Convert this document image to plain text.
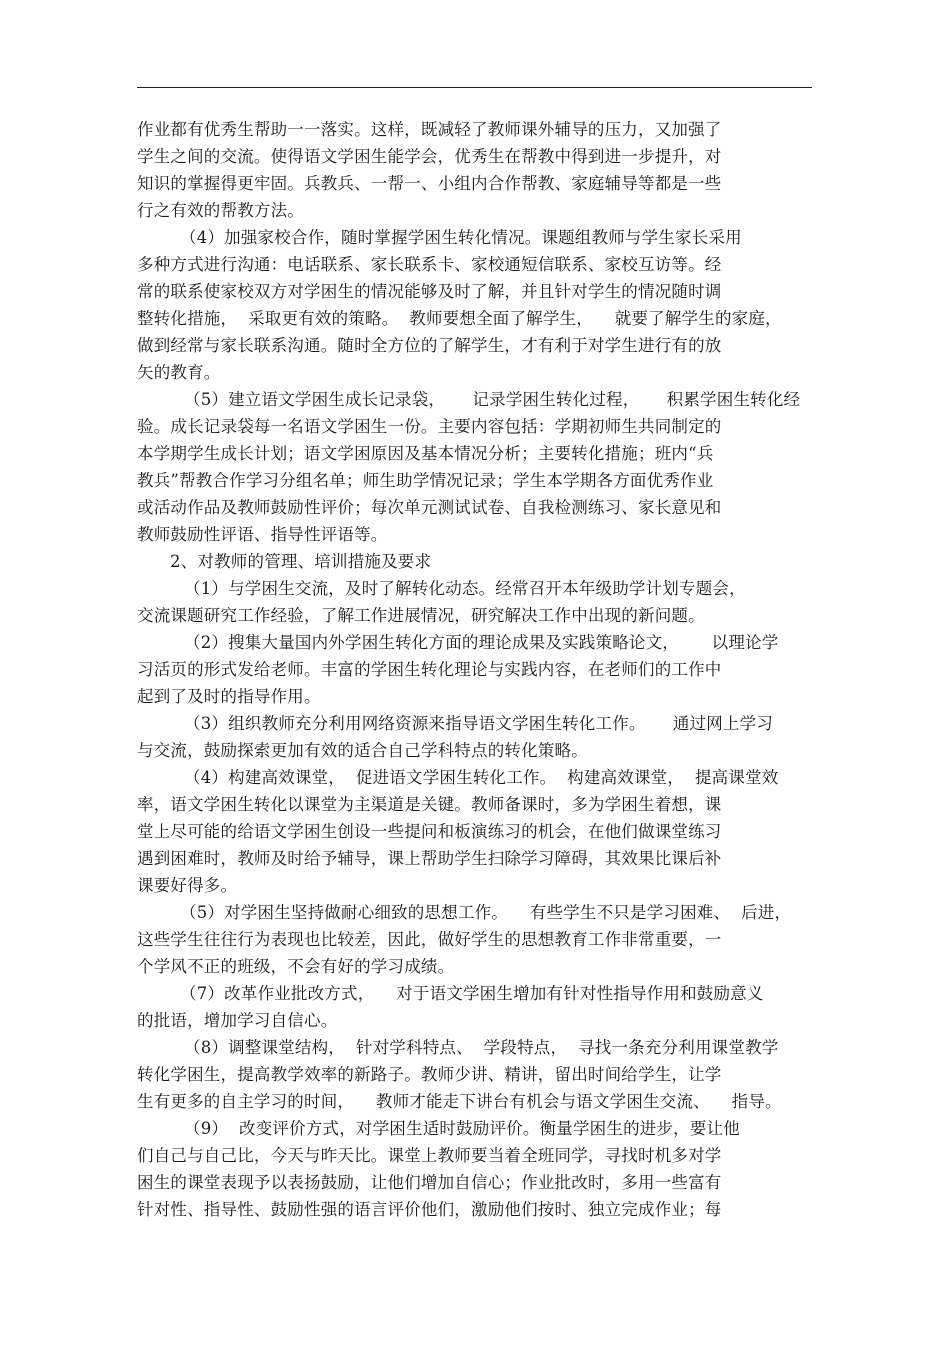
作业都有优秀生帮助一一落实。这样，既减轻了教师课外辅导的压力，又加强了
学生之间的交流。使得语文学困生能学会，优秀生在帮教中得到进一步提升，对
知识的掌握得更牢固。兵教兵、一帮一、小组内合作帮教、家庭辅导等都是一些
行之有效的帮教方法。
（4）加强家校合作，随时掌握学困生转化情况。课题组教师与学生家长采用
多种方式进行沟通：电话联系、家长联系卡、家校通短信联系、家校互访等。经
常的联系使家校双方对学困生的情况能够及时了解，并且针对学生的情况随时调
整转化措施，  采取更有效的策略。  教师要想全面了解学生，    就要了解学生的家庭，
做到经常与家长联系沟通。随时全方位的了解学生，才有利于对学生进行有的放
矢的教育。
（5）建立语文学困生成长记录袋，     记录学困生转化过程，     积累学困生转化经
验。成长记录袋每一名语文学困生一份。主要内容包括：学期初师生共同制定的
本学期学生成长计划；语文学困原因及基本情况分析；主要转化措施；班内“兵
教兵”帮教合作学习分组名单；师生助学情况记录；学生本学期各方面优秀作业
或活动作品及教师鼓励性评价；每次单元测试试卷、自我检测练习、家长意见和
教师鼓励性评语、指导性评语等。
2、对教师的管理、培训措施及要求
（1）与学困生交流，及时了解转化动态。经常召开本年级助学计划专题会，
交流课题研究工作经验，了解工作进展情况，研究解决工作中出现的新问题。
（2）搜集大量国内外学困生转化方面的理论成果及实践策略论文，      以理论学
习活页的形式发给老师。丰富的学困生转化理论与实践内容，在老师们的工作中
起到了及时的指导作用。
（3）组织教师充分利用网络资源来指导语文学困生转化工作。     通过网上学习
与交流，鼓励探索更加有效的适合自己学科特点的转化策略。
（4）构建高效课堂，  促进语文学困生转化工作。  构建高效课堂，  提高课堂效
率，语文学困生转化以课堂为主渠道是关键。教师备课时，多为学困生着想，课
堂上尽可能的给语文学困生创设一些提问和板演练习的机会，在他们做课堂练习
遇到困难时，教师及时给予辅导，课上帮助学生扫除学习障碍，其效果比课后补
课要好得多。
（5）对学困生坚持做耐心细致的思想工作。    有些学生不只是学习困难、  后进，
这些学生往往行为表现也比较差，因此，做好学生的思想教育工作非常重要，一
个学风不正的班级，不会有好的学习成绩。
（7）改革作业批改方式，    对于语文学困生增加有针对性指导作用和鼓励意义
的批语，增加学习自信心。
（8）调整课堂结构，  针对学科特点、  学段特点，  寻找一条充分利用课堂教学
转化学困生，提高教学效率的新路子。教师少讲、精讲，留出时间给学生，让学
生有更多的自主学习的时间，    教师才能走下讲台有机会与语文学困生交流、    指导。
（9）  改变评价方式，对学困生适时鼓励评价。衡量学困生的进步，要让他
们自己与自己比，今天与昨天比。课堂上教师要当着全班同学，寻找时机多对学
困生的课堂表现予以表扬鼓励，让他们增加自信心；作业批改时，多用一些富有
针对性、指导性、鼓励性强的语言评价他们，激励他们按时、独立完成作业；每
